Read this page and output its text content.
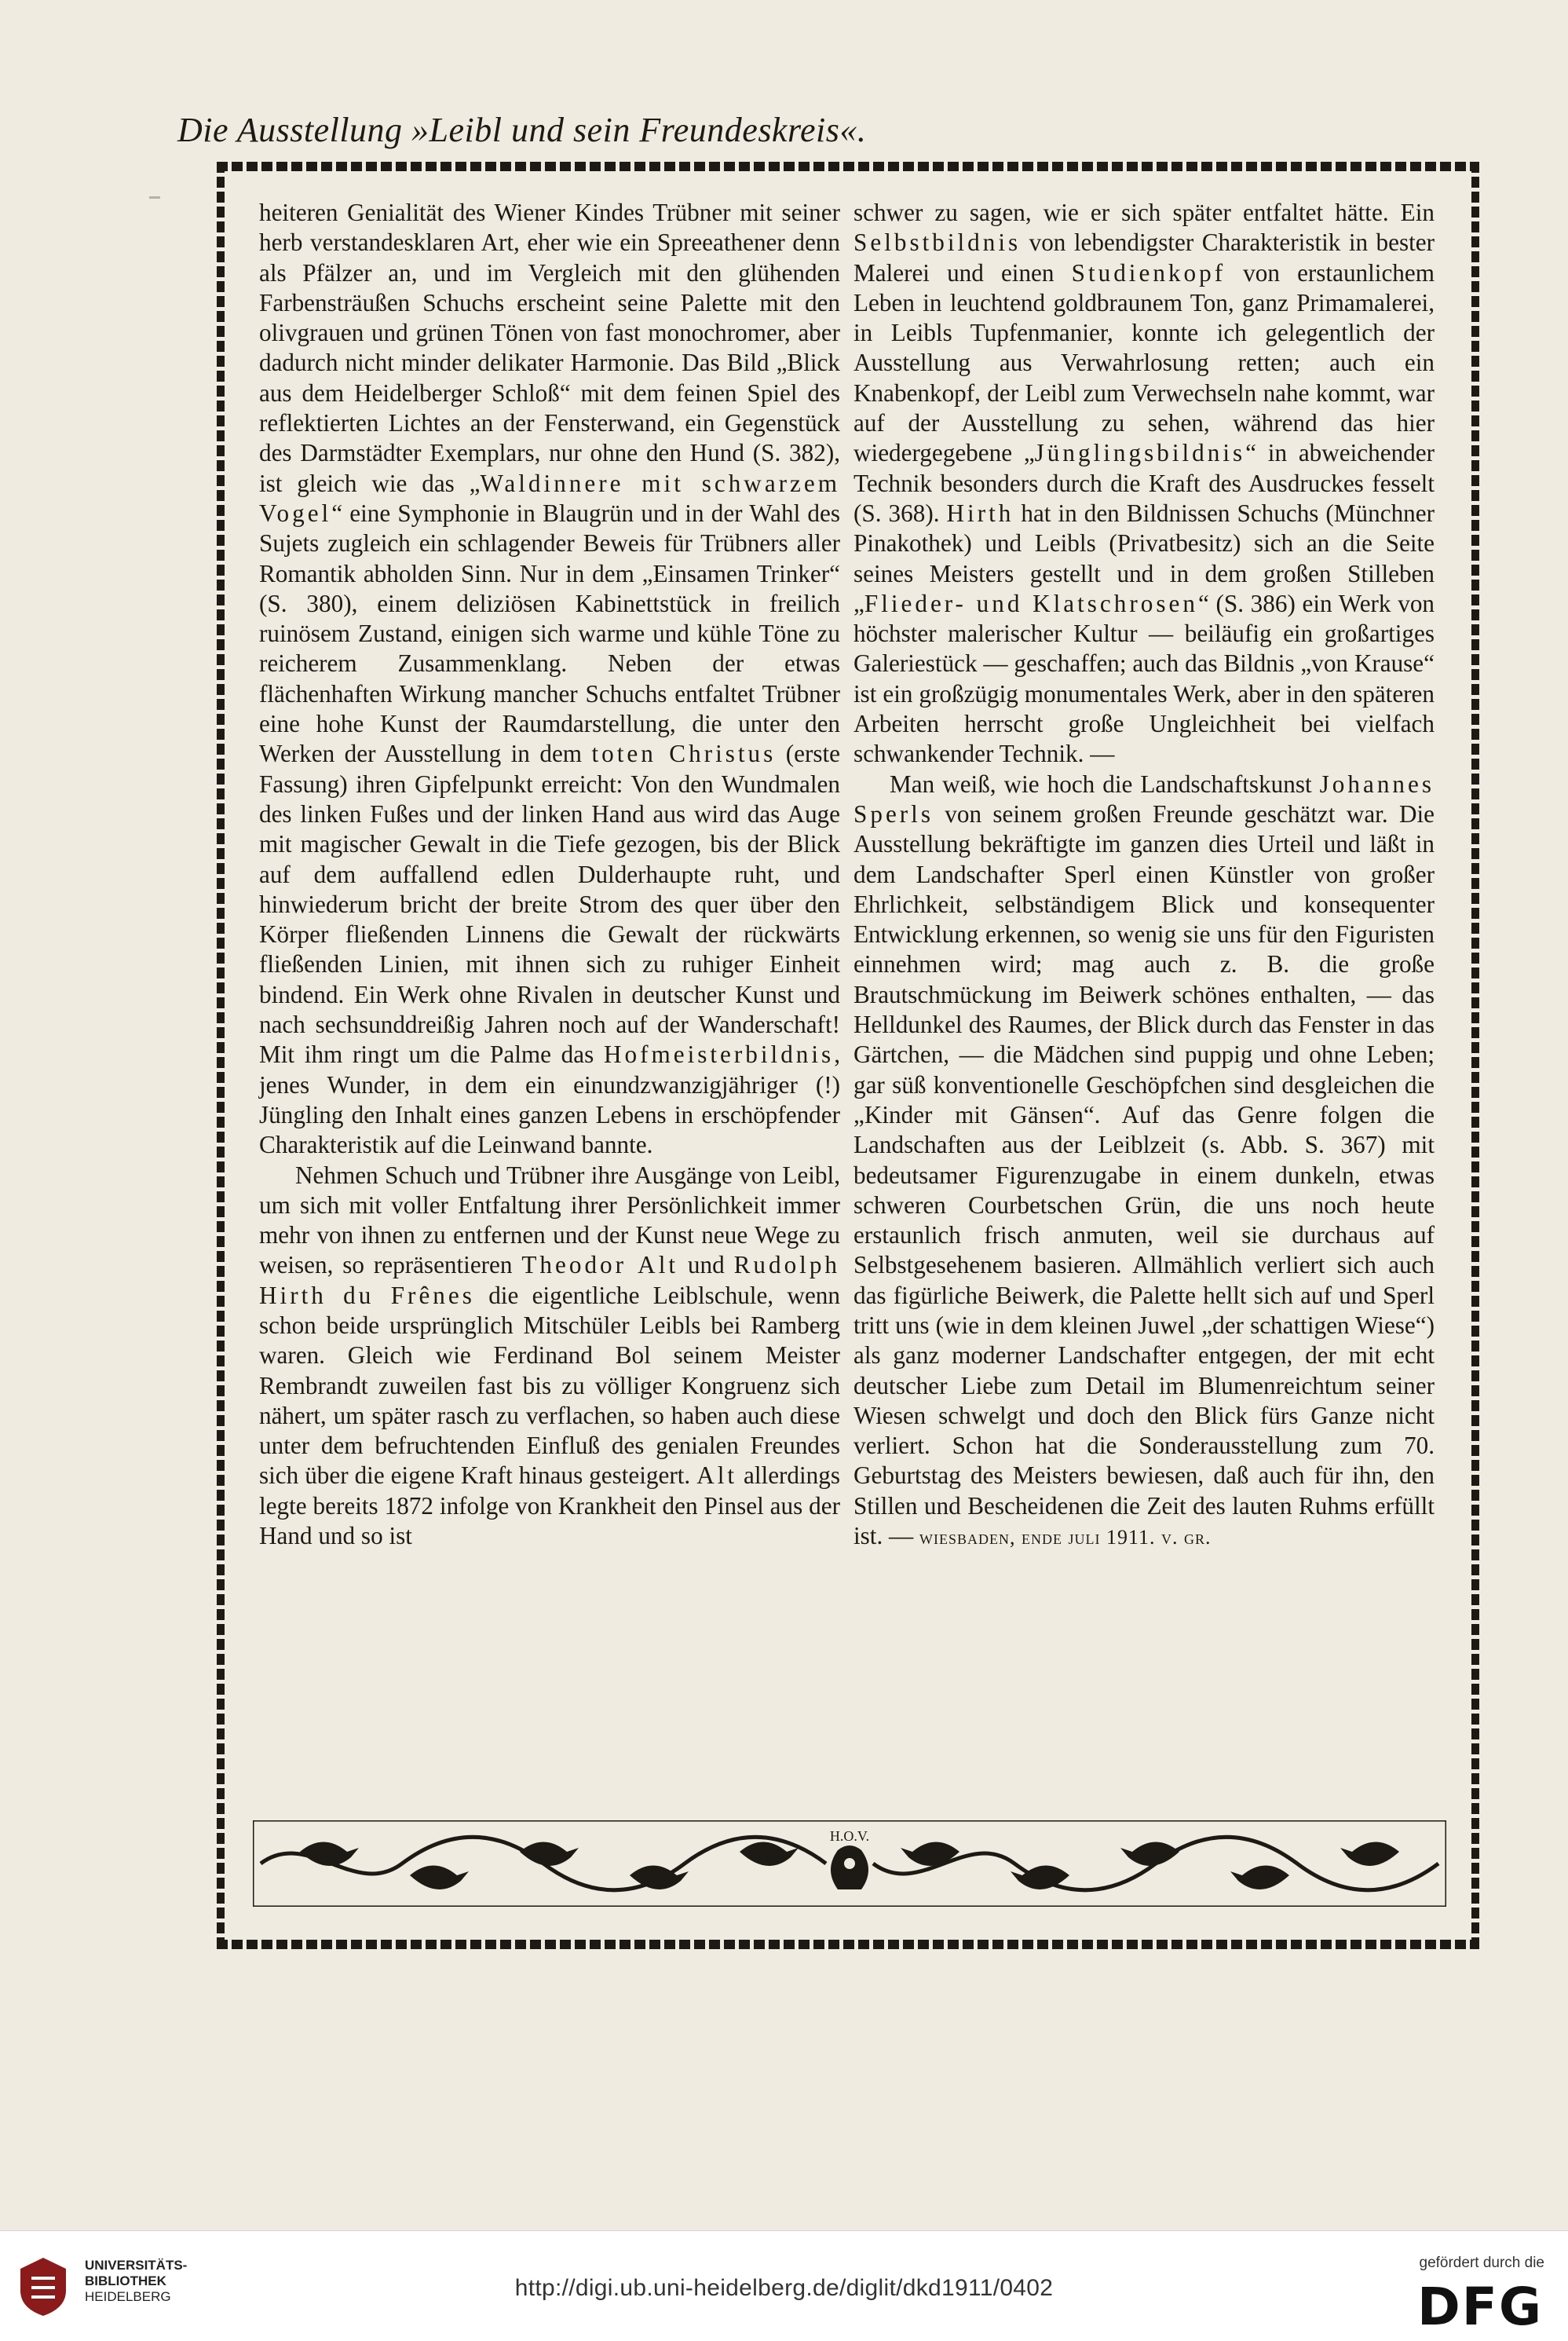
Die Ausstellung »Leibl und sein Freundeskreis«.

heiteren Genialität des Wiener Kindes Trübner mit seiner herb verstandesklaren Art, eher wie ein Spreeathener denn als Pfälzer an, und im Vergleich mit den glühenden Farbensträußen Schuchs erscheint seine Palette mit den olivgrauen und grünen Tönen von fast monochromer, aber dadurch nicht minder delikater Harmonie. Das Bild „Blick aus dem Heidelberger Schloß“ mit dem feinen Spiel des reflektierten Lichtes an der Fensterwand, ein Gegenstück des Darmstädter Exemplars, nur ohne den Hund (S. 382), ist gleich wie das „Waldinnere mit schwarzem Vogel“ eine Symphonie in Blaugrün und in der Wahl des Sujets zugleich ein schlagender Beweis für Trübners aller Romantik abholden Sinn. Nur in dem „Einsamen Trinker“ (S. 380), einem deliziösen Kabinettstück in freilich ruinösem Zustand, einigen sich warme und kühle Töne zu reicherem Zusammenklang. Neben der etwas flächenhaften Wirkung mancher Schuchs entfaltet Trübner eine hohe Kunst der Raumdarstellung, die unter den Werken der Ausstellung in dem toten Christus (erste Fassung) ihren Gipfelpunkt erreicht: Von den Wundmalen des linken Fußes und der linken Hand aus wird das Auge mit magischer Gewalt in die Tiefe gezogen, bis der Blick auf dem auffallend edlen Dulderhaupte ruht, und hinwiederum bricht der breite Strom des quer über den Körper fließenden Linnens die Gewalt der rückwärts fließenden Linien, mit ihnen sich zu ruhiger Einheit bindend. Ein Werk ohne Rivalen in deutscher Kunst und nach sechsunddreißig Jahren noch auf der Wanderschaft! Mit ihm ringt um die Palme das Hofmeisterbildnis, jenes Wunder, in dem ein einundzwanzigjähriger (!) Jüngling den Inhalt eines ganzen Lebens in erschöpfender Charakteristik auf die Leinwand bannte.

Nehmen Schuch und Trübner ihre Ausgänge von Leibl, um sich mit voller Entfaltung ihrer Persönlichkeit immer mehr von ihnen zu entfernen und der Kunst neue Wege zu weisen, so repräsentieren Theodor Alt und Rudolph Hirth du Frênes die eigentliche Leiblschule, wenn schon beide ursprünglich Mitschüler Leibls bei Ramberg waren. Gleich wie Ferdinand Bol seinem Meister Rembrandt zuweilen fast bis zu völliger Kongruenz sich nähert, um später rasch zu verflachen, so haben auch diese unter dem befruchtenden Einfluß des genialen Freundes sich über die eigene Kraft hinaus gesteigert. Alt allerdings legte bereits 1872 infolge von Krankheit den Pinsel aus der Hand und so ist

schwer zu sagen, wie er sich später entfaltet hätte. Ein Selbstbildnis von lebendigster Charakteristik in bester Malerei und einen Studienkopf von erstaunlichem Leben in leuchtend goldbraunem Ton, ganz Primamalerei, in Leibls Tupfenmanier, konnte ich gelegentlich der Ausstellung aus Verwahrlosung retten; auch ein Knabenkopf, der Leibl zum Verwechseln nahe kommt, war auf der Ausstellung zu sehen, während das hier wiedergegebene „Jünglingsbildnis“ in abweichender Technik besonders durch die Kraft des Ausdruckes fesselt (S. 368). Hirth hat in den Bildnissen Schuchs (Münchner Pinakothek) und Leibls (Privatbesitz) sich an die Seite seines Meisters gestellt und in dem großen Stilleben „Flieder- und Klatschrosen“ (S. 386) ein Werk von höchster malerischer Kultur — beiläufig ein großartiges Galeriestück — geschaffen; auch das Bildnis „von Krause“ ist ein großzügig monumentales Werk, aber in den späteren Arbeiten herrscht große Ungleichheit bei vielfach schwankender Technik. —

Man weiß, wie hoch die Landschaftskunst Johannes Sperls von seinem großen Freunde geschätzt war. Die Ausstellung bekräftigte im ganzen dies Urteil und läßt in dem Landschafter Sperl einen Künstler von großer Ehrlichkeit, selbständigem Blick und konsequenter Entwicklung erkennen, so wenig sie uns für den Figuristen einnehmen wird; mag auch z. B. die große Brautschmückung im Beiwerk schönes enthalten, — das Helldunkel des Raumes, der Blick durch das Fenster in das Gärtchen, — die Mädchen sind puppig und ohne Leben; gar süß konventionelle Geschöpfchen sind desgleichen die „Kinder mit Gänsen“. Auf das Genre folgen die Landschaften aus der Leiblzeit (s. Abb. S. 367) mit bedeutsamer Figurenzugabe in einem dunkeln, etwas schweren Courbetschen Grün, die uns noch heute erstaunlich frisch anmuten, weil sie durchaus auf Selbstgesehenem basieren. Allmählich verliert sich auch das figürliche Beiwerk, die Palette hellt sich auf und Sperl tritt uns (wie in dem kleinen Juwel „der schattigen Wiese“) als ganz moderner Landschafter entgegen, der mit echt deutscher Liebe zum Detail im Blumenreichtum seiner Wiesen schwelgt und doch den Blick fürs Ganze nicht verliert. Schon hat die Sonderausstellung zum 70. Geburtstag des Meisters bewiesen, daß auch für ihn, den Stillen und Bescheidenen die Zeit des lauten Ruhms erfüllt ist. — wiesbaden, ende juli 1911. v. gr.

H.O.V.
UNIVERSITÄTS-
BIBLIOTHEK
HEIDELBERG	http://digi.ub.uni-heidelberg.de/diglit/dkd1911/0402
gefördert durch die
DFG
